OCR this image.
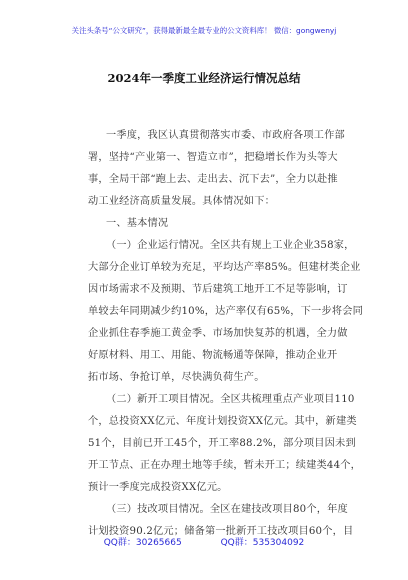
关注头条号“公文研究”，获得最新最全最专业的公文资料库！ 微信：gongwenyj
2024年一季度工业经济运行情况总结
一季度，我区认真贯彻落实市委、市政府各项工作部
署，坚持“产业第一、智造立市”，把稳增长作为头等大
事，全局干部“跑上去、走出去、沉下去”，全力以赴推
动工业经济高质量发展。具体情况如下：
一、基本情况
（一）企业运行情况。全区共有规上工业企业358家，
大部分企业订单较为充足，平均达产率85%。但建材类企业
因市场需求不及预期、节后建筑工地开工不足等影响，订
单较去年同期减少约10%，达产率仅有65%，下一步将会同
企业抓住春季施工黄金季、市场加快复苏的机遇，全力做
好原材料、用工、用能、物流畅通等保障，推动企业开
拓市场、争抢订单，尽快满负荷生产。
（二）新开工项目情况。全区共梳理重点产业项目110
个，总投资XX亿元、年度计划投资XX亿元。其中，新建类
51个，目前已开工45个，开工率88.2%，部分项目因未到
开工节点、正在办理土地等手续，暂未开工；续建类44个，
预计一季度完成投资XX亿元。
（三）技改项目情况。全区在建技改项目80个，年度
计划投资90.2亿元；储备第一批新开工技改项目60个，目
QQ群：30265665	QQ群：535304092
